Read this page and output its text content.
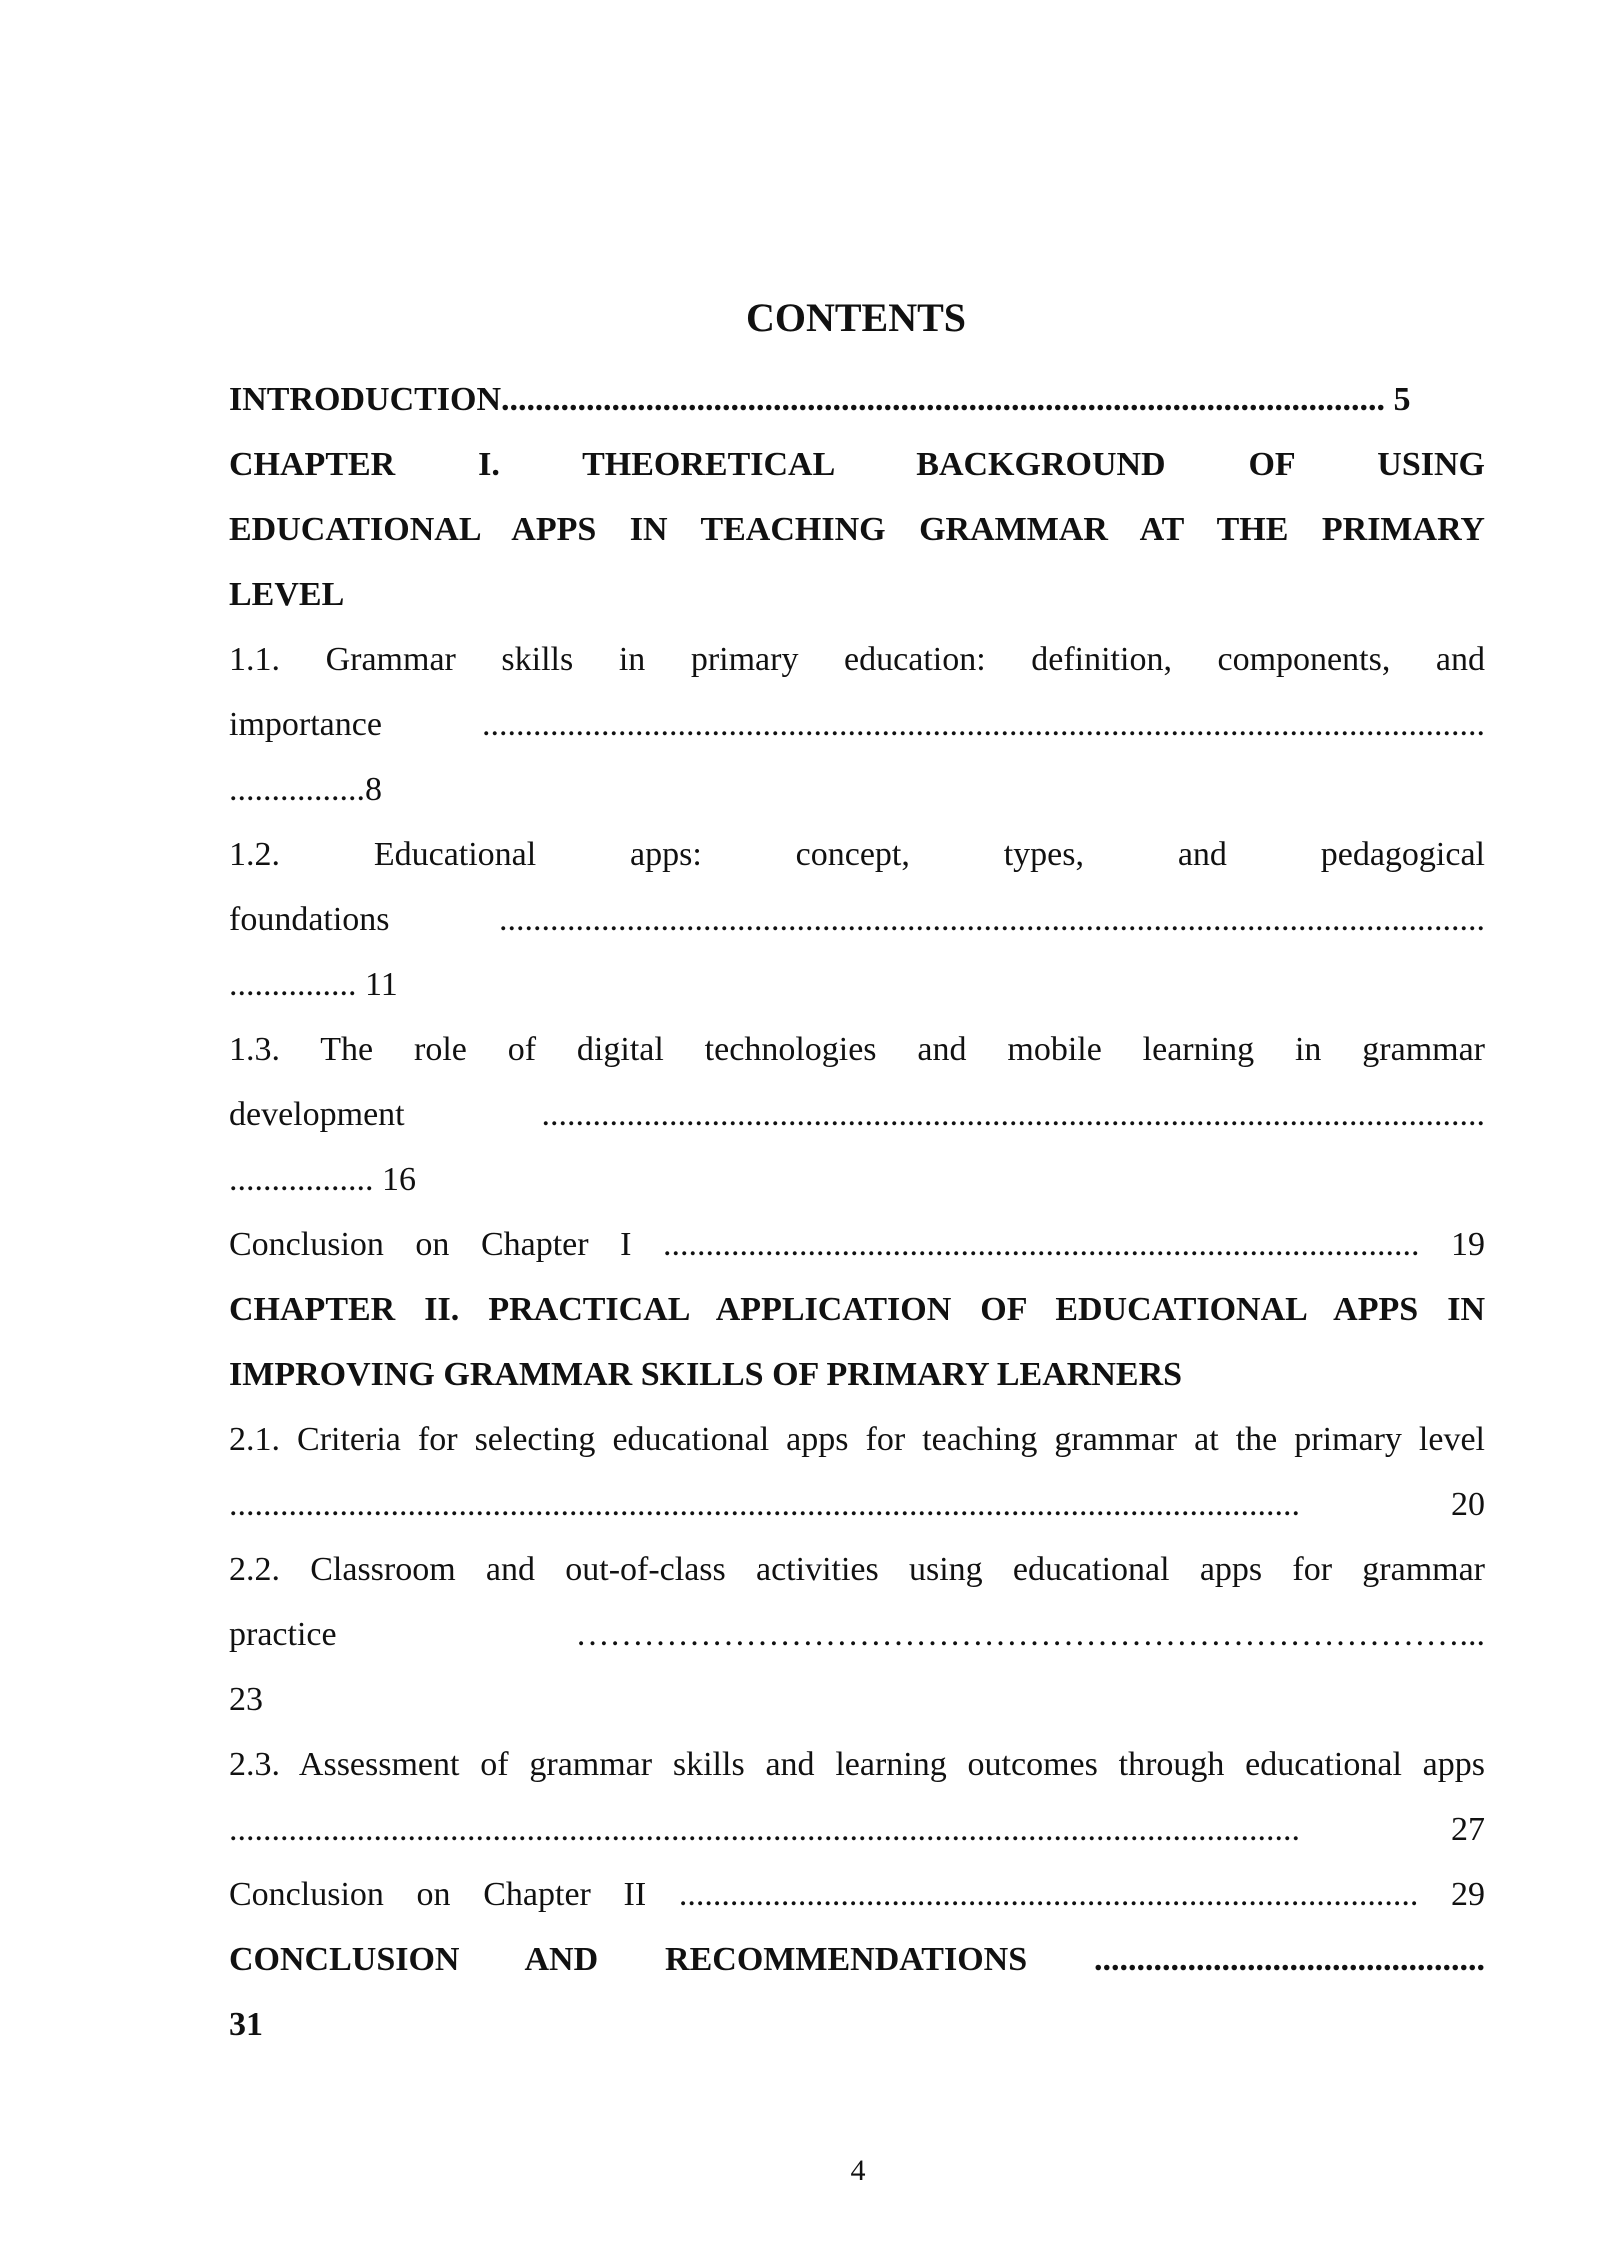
CONTENTS

INTRODUCTION........................................................................................................ 5

CHAPTER I. THEORETICAL BACKGROUND OF USING

EDUCATIONAL APPS IN TEACHING GRAMMAR AT THE PRIMARY

LEVEL

1.1. Grammar skills in primary education: definition, components, and

importance	......................................................................................................................

................8

1.2. Educational apps: concept, types, and pedagogical

foundations	....................................................................................................................

............... 11

1.3. The role of digital technologies and mobile learning in grammar

development	...............................................................................................................

................. 16

Conclusion on Chapter I ......................................................................................... 19

CHAPTER II. PRACTICAL APPLICATION OF EDUCATIONAL APPS IN

IMPROVING GRAMMAR SKILLS OF PRIMARY LEARNERS

2.1. Criteria for selecting educational apps for teaching grammar at the primary level

..............................................................................................................................	20

2.2. Classroom and out-of-class activities using educational apps for grammar

practice	……………………………………………………………………...

23

2.3. Assessment of grammar skills and learning outcomes through educational apps

..............................................................................................................................	27

Conclusion on Chapter II ....................................................................................... 29

CONCLUSION AND RECOMMENDATIONS ..............................................

31

4
